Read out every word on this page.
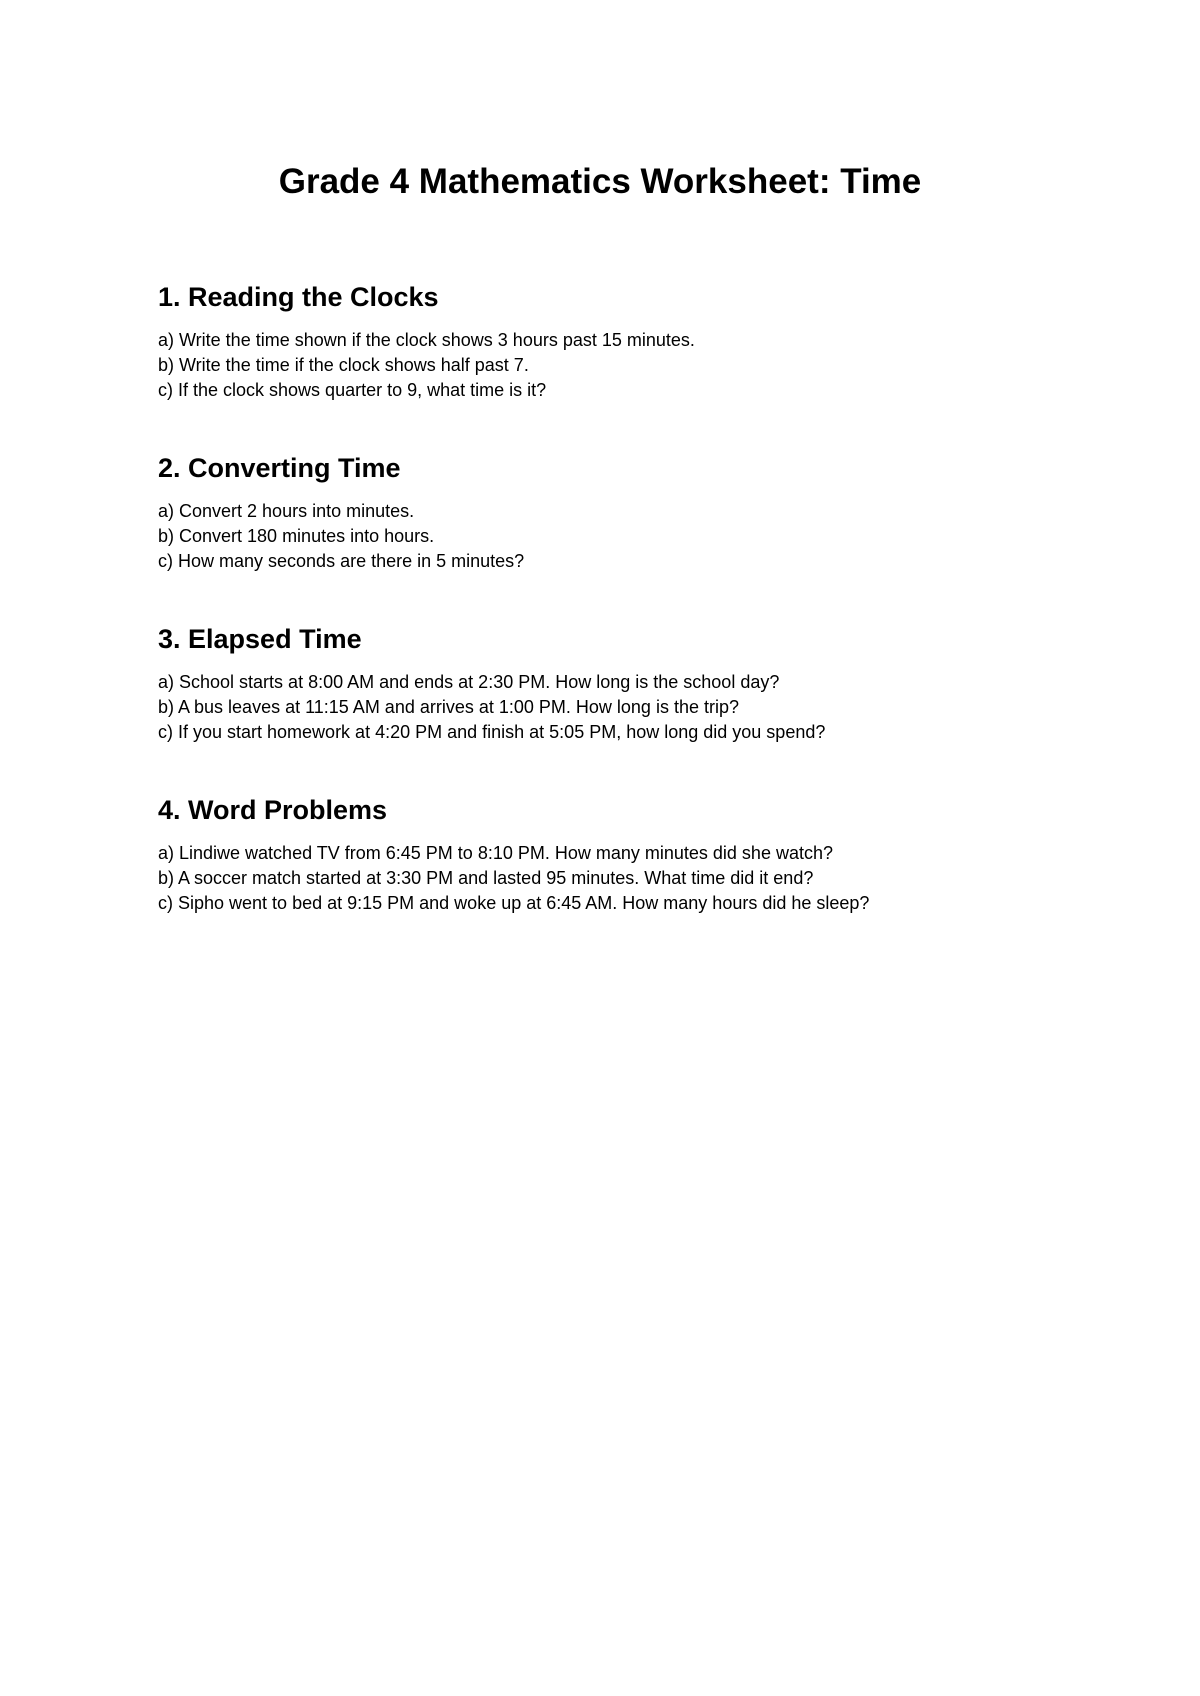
Grade 4 Mathematics Worksheet: Time
1. Reading the Clocks
a) Write the time shown if the clock shows 3 hours past 15 minutes.
b) Write the time if the clock shows half past 7.
c) If the clock shows quarter to 9, what time is it?
2. Converting Time
a) Convert 2 hours into minutes.
b) Convert 180 minutes into hours.
c) How many seconds are there in 5 minutes?
3. Elapsed Time
a) School starts at 8:00 AM and ends at 2:30 PM. How long is the school day?
b) A bus leaves at 11:15 AM and arrives at 1:00 PM. How long is the trip?
c) If you start homework at 4:20 PM and finish at 5:05 PM, how long did you spend?
4. Word Problems
a) Lindiwe watched TV from 6:45 PM to 8:10 PM. How many minutes did she watch?
b) A soccer match started at 3:30 PM and lasted 95 minutes. What time did it end?
c) Sipho went to bed at 9:15 PM and woke up at 6:45 AM. How many hours did he sleep?
